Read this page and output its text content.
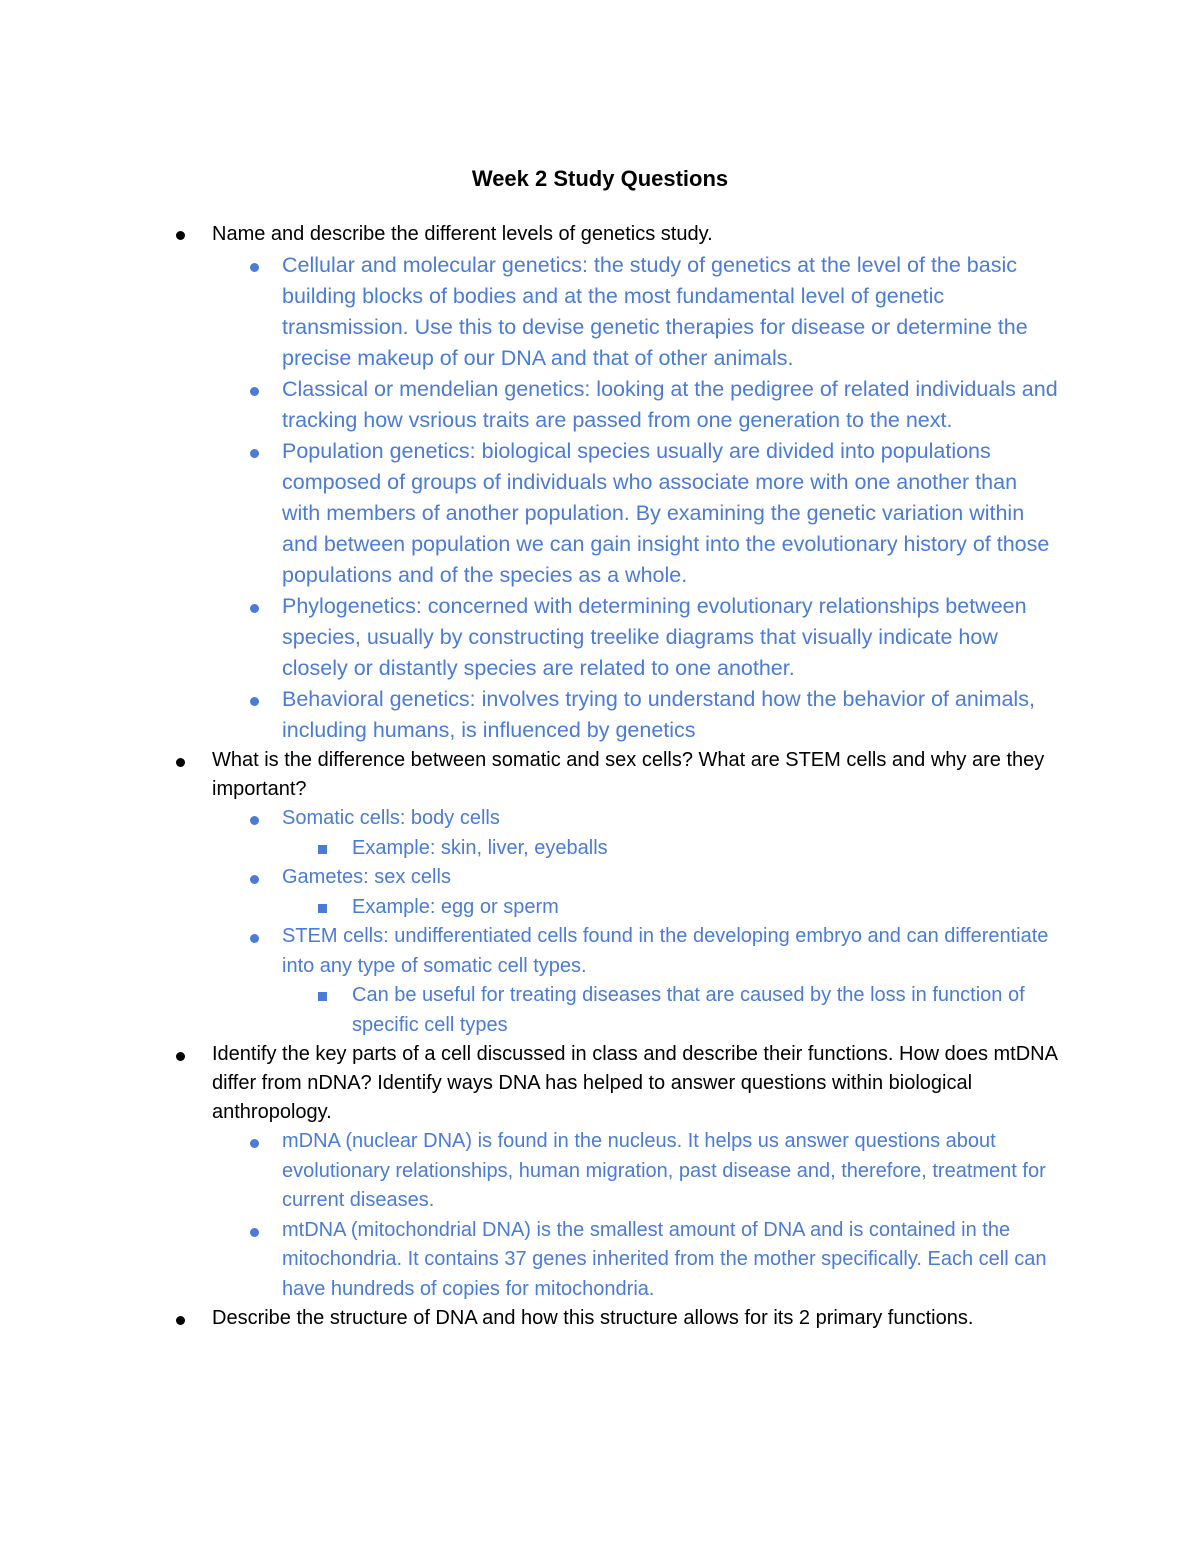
Week 2 Study Questions
Name and describe the different levels of genetics study.
Cellular and molecular genetics: the study of genetics at the level of the basic building blocks of bodies and at the most fundamental level of genetic transmission. Use this to devise genetic therapies for disease or determine the precise makeup of our DNA and that of other animals.
Classical or mendelian genetics: looking at the pedigree of related individuals and tracking how vsrious traits are passed from one generation to the next.
Population genetics: biological species usually are divided into populations composed of groups of individuals who associate more with one another than with members of another population. By examining the genetic variation within and between population we can gain insight into the evolutionary history of those populations and of the species as a whole.
Phylogenetics: concerned with determining evolutionary relationships between species, usually by constructing treelike diagrams that visually indicate how closely or distantly species are related to one another.
Behavioral genetics: involves trying to understand how the behavior of animals, including humans, is influenced by genetics
What is the difference between somatic and sex cells? What are STEM cells and why are they important?
Somatic cells: body cells
Example: skin, liver, eyeballs
Gametes: sex cells
Example: egg or sperm
STEM cells: undifferentiated cells found in the developing embryo and can differentiate into any type of somatic cell types.
Can be useful for treating diseases that are caused by the loss in function of specific cell types
Identify the key parts of a cell discussed in class and describe their functions. How does mtDNA differ from nDNA? Identify ways DNA has helped to answer questions within biological anthropology.
mDNA (nuclear DNA) is found in the nucleus. It helps us answer questions about evolutionary relationships, human migration, past disease and, therefore, treatment for current diseases.
mtDNA (mitochondrial DNA) is the smallest amount of DNA and is contained in the mitochondria. It contains 37 genes inherited from the mother specifically. Each cell can have hundreds of copies for mitochondria.
Describe the structure of DNA and how this structure allows for its 2 primary functions.
